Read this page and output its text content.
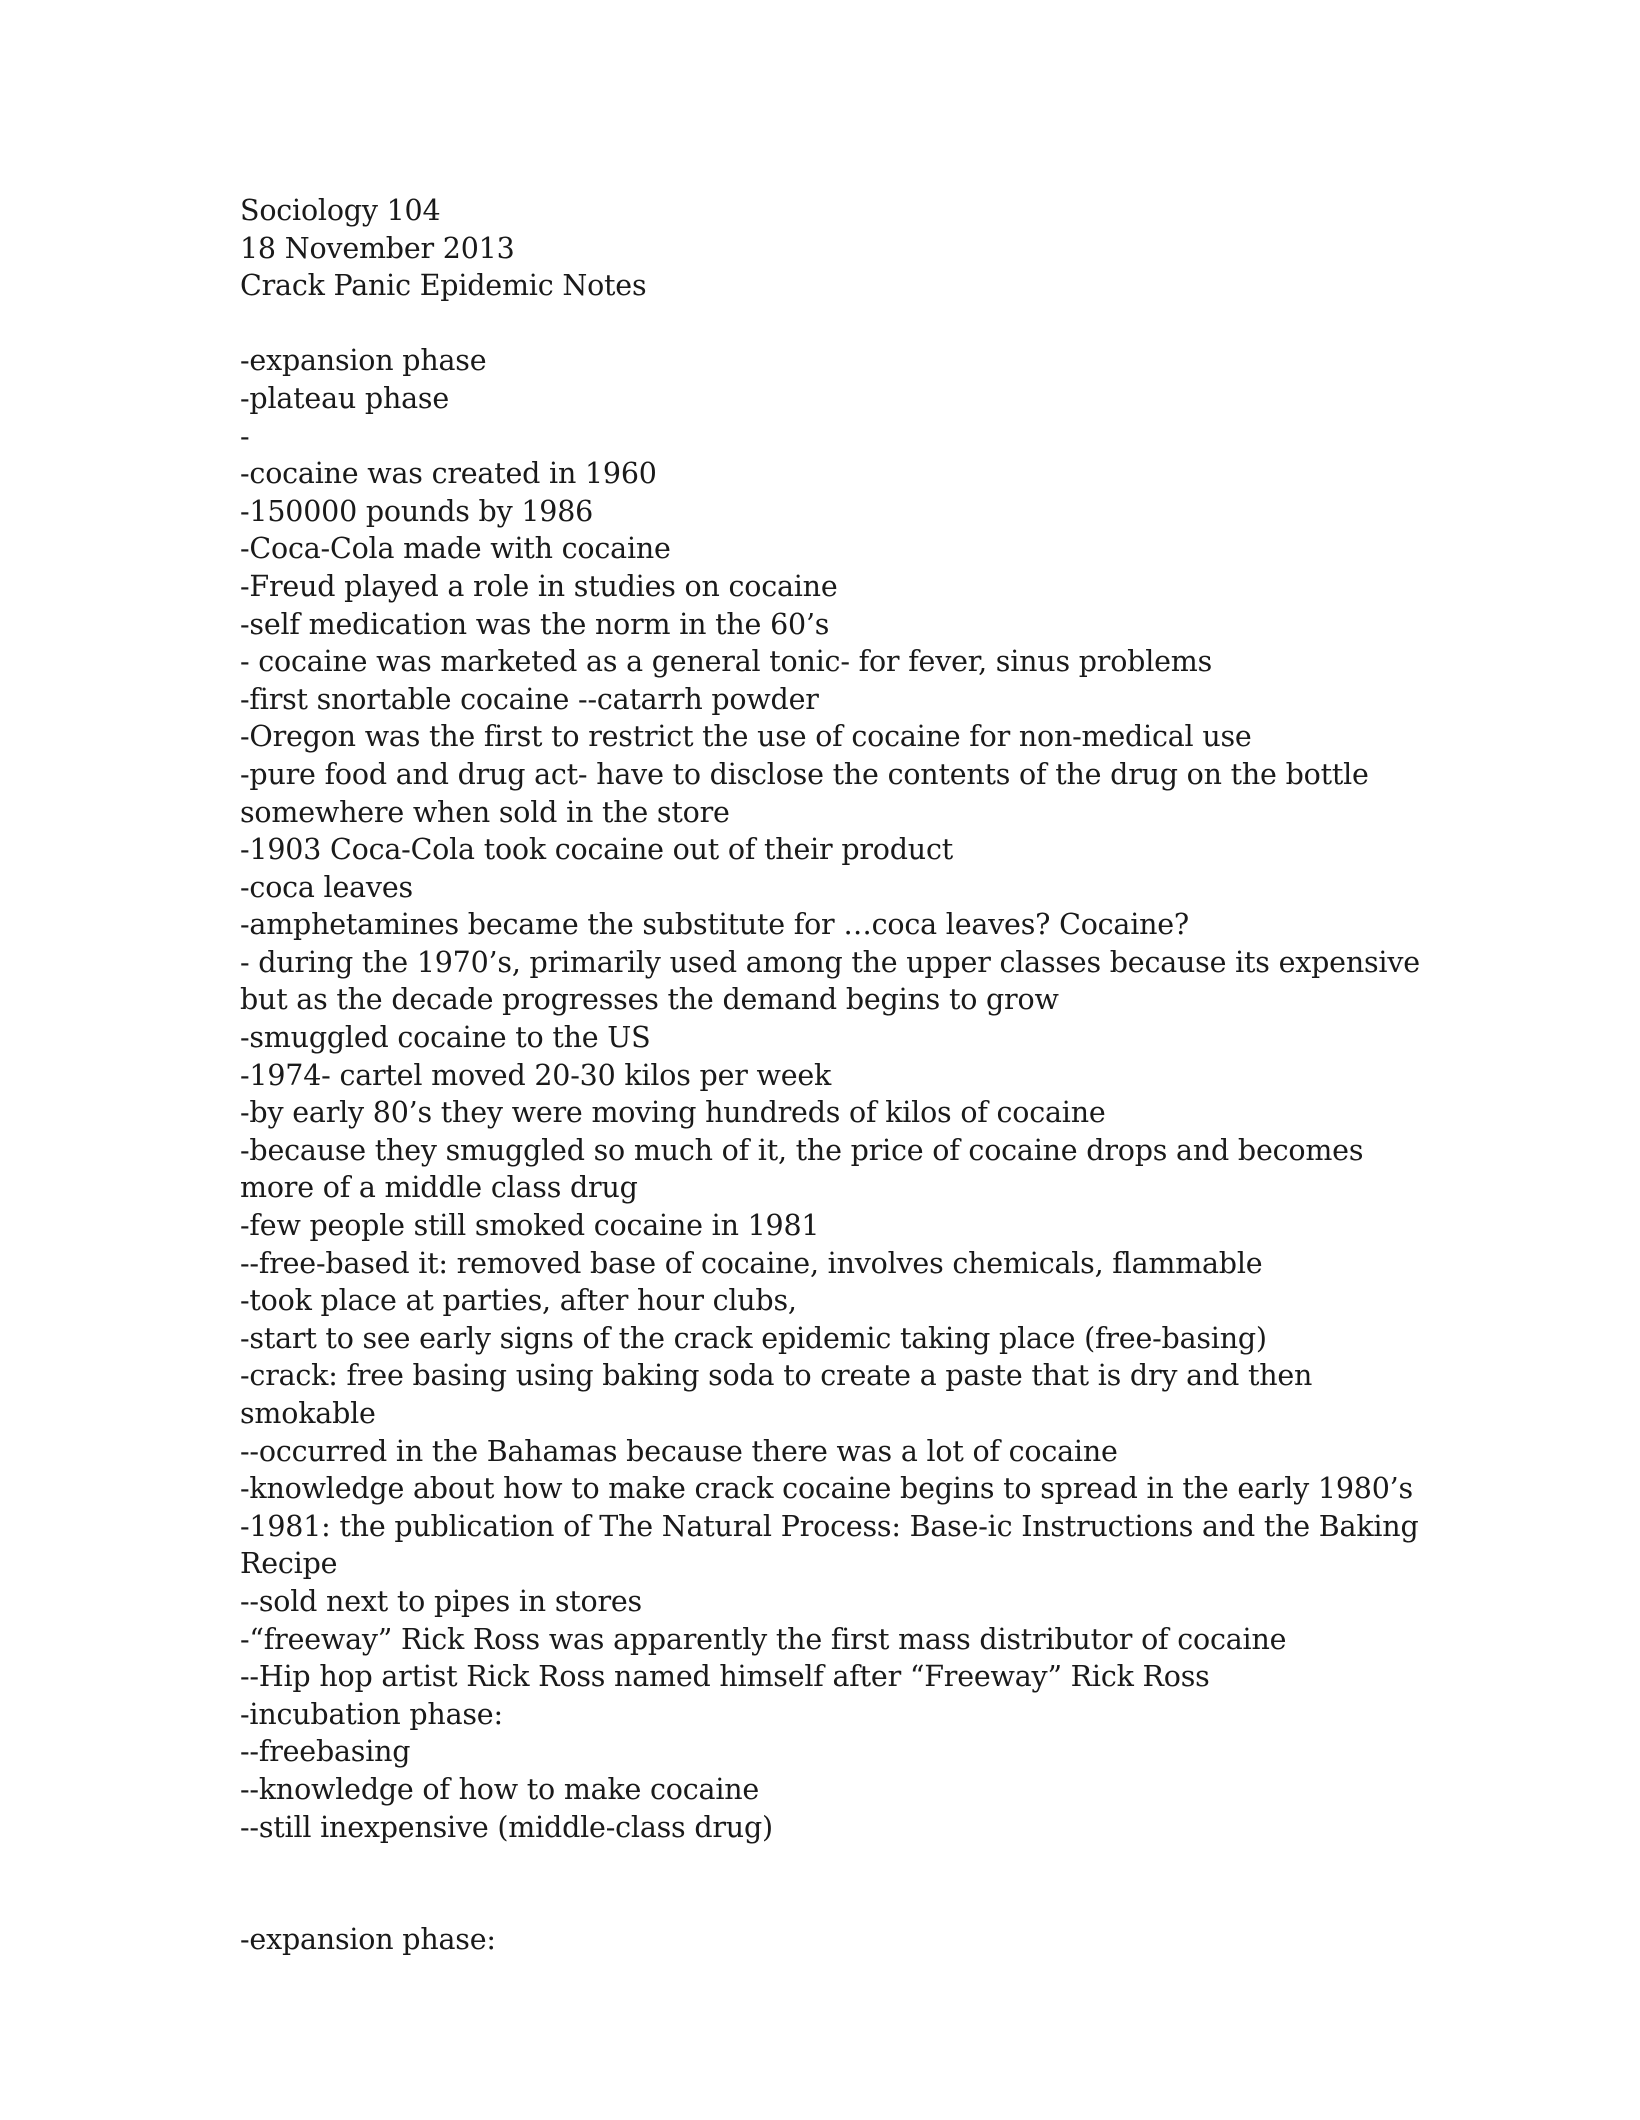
Sociology 104
18 November 2013
Crack Panic Epidemic Notes
-expansion phase
-plateau phase
-
-cocaine was created in 1960
-150000 pounds by 1986
-Coca-Cola made with cocaine
-Freud played a role in studies on cocaine
-self medication was the norm in the 60’s
- cocaine was marketed as a general tonic- for fever, sinus problems
-first snortable cocaine --catarrh powder
-Oregon was the first to restrict the use of cocaine for non-medical use
-pure food and drug act- have to disclose the contents of the drug on the bottle somewhere when sold in the store
-1903 Coca-Cola took cocaine out of their product
-coca leaves
-amphetamines became the substitute for …coca leaves? Cocaine?
- during the 1970’s, primarily used among the upper classes because its expensive but as the decade progresses the demand begins to grow
-smuggled cocaine to the US
-1974- cartel moved 20-30 kilos per week
-by early 80’s they were moving hundreds of kilos of cocaine
-because they smuggled so much of it, the price of cocaine drops and becomes more of a middle class drug
-few people still smoked cocaine in 1981
--free-based it: removed base of cocaine, involves chemicals, flammable
-took place at parties, after hour clubs,
-start to see early signs of the crack epidemic taking place (free-basing)
-crack: free basing using baking soda to create a paste that is dry and then smokable
--occurred in the Bahamas because there was a lot of cocaine
-knowledge about how to make crack cocaine begins to spread in the early 1980’s
-1981: the publication of The Natural Process: Base-ic Instructions and the Baking Recipe
--sold next to pipes in stores
-“freeway” Rick Ross was apparently the first mass distributor of cocaine
--Hip hop artist Rick Ross named himself after “Freeway” Rick Ross
-incubation phase:
--freebasing
--knowledge of how to make cocaine
--still inexpensive (middle-class drug)
-expansion phase:
